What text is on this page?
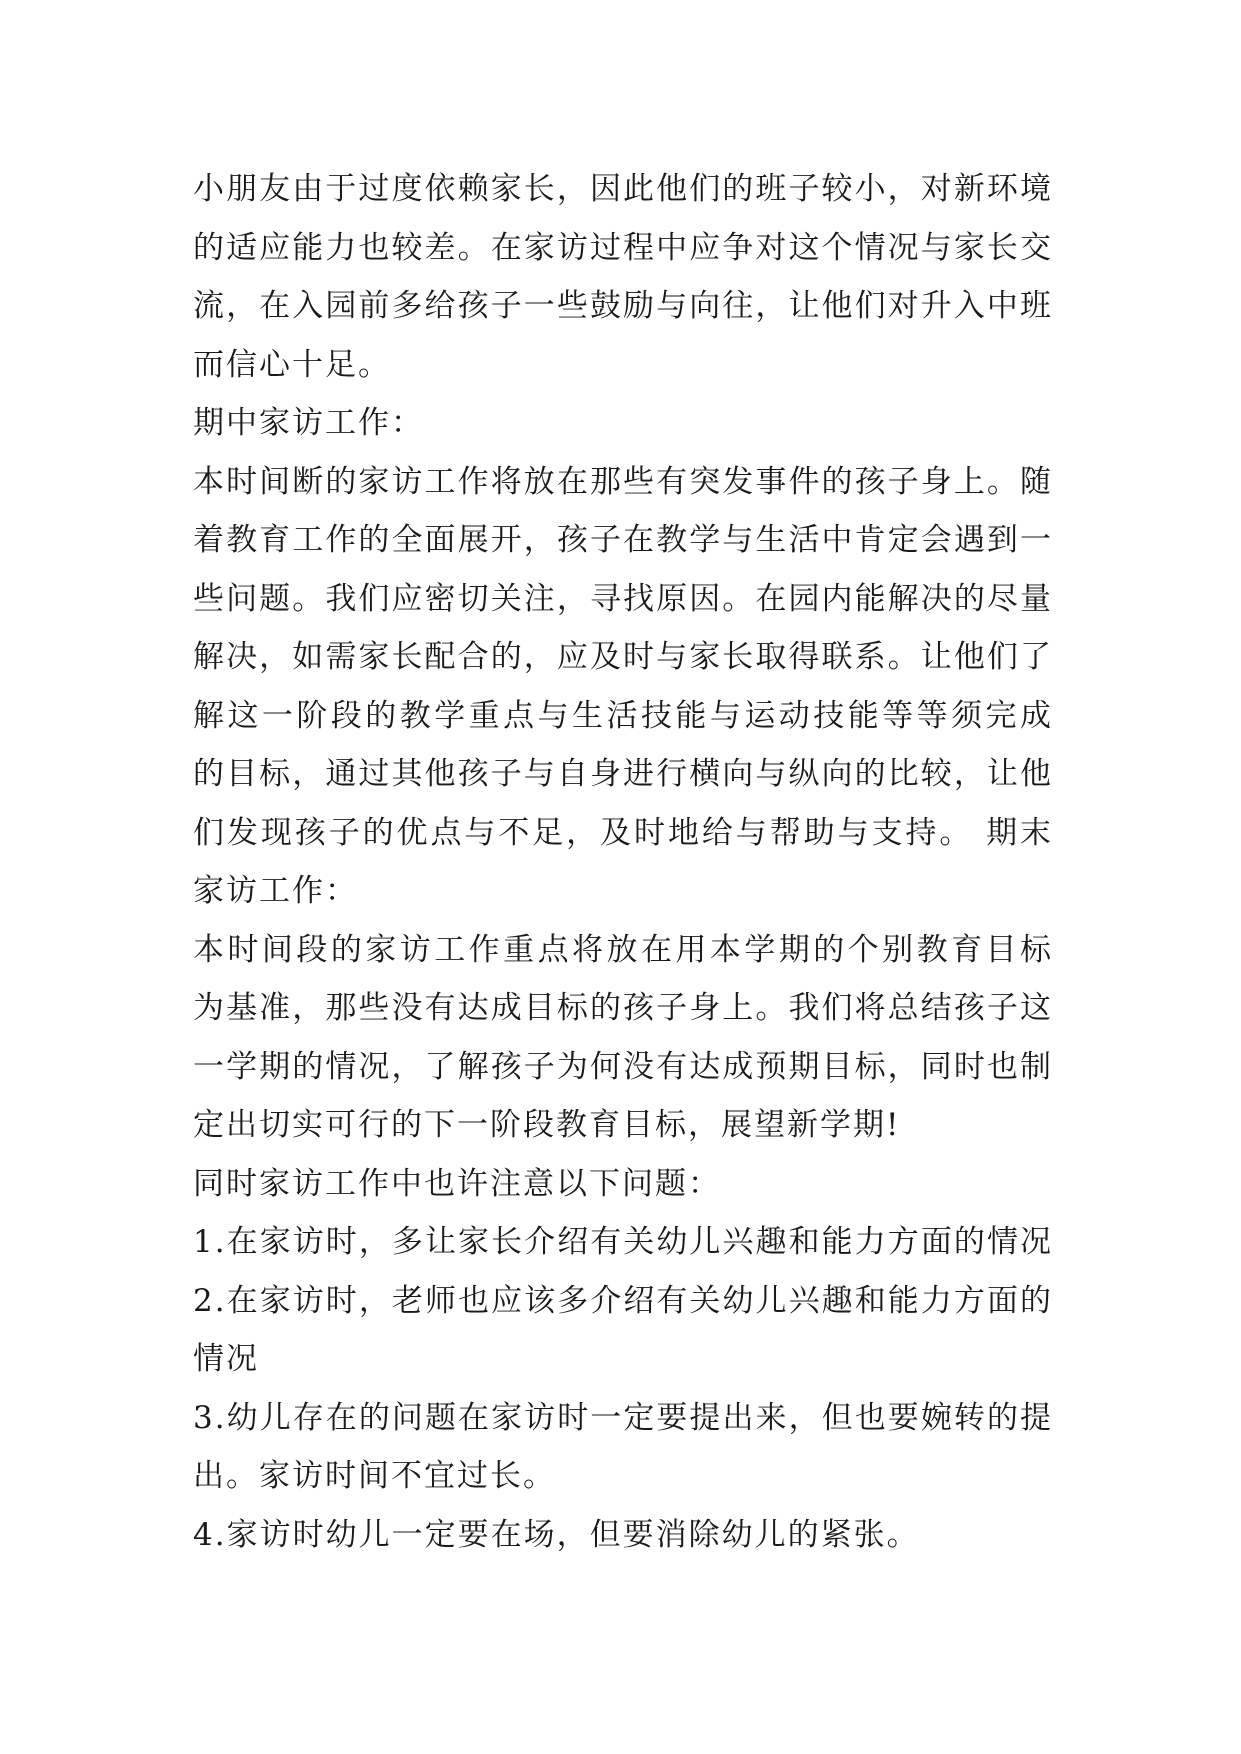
小朋友由于过度依赖家长，因此他们的班子较小，对新环境
的适应能力也较差。在家访过程中应争对这个情况与家长交
流，在入园前多给孩子一些鼓励与向往，让他们对升入中班
而信心十足。
期中家访工作：
本时间断的家访工作将放在那些有突发事件的孩子身上。随
着教育工作的全面展开，孩子在教学与生活中肯定会遇到一
些问题。我们应密切关注，寻找原因。在园内能解决的尽量
解决，如需家长配合的，应及时与家长取得联系。让他们了
解这一阶段的教学重点与生活技能与运动技能等等须完成
的目标，通过其他孩子与自身进行横向与纵向的比较，让他
们发现孩子的优点与不足，及时地给与帮助与支持。 期末
家访工作：
本时间段的家访工作重点将放在用本学期的个别教育目标
为基准，那些没有达成目标的孩子身上。我们将总结孩子这
一学期的情况，了解孩子为何没有达成预期目标，同时也制
定出切实可行的下一阶段教育目标，展望新学期!
同时家访工作中也许注意以下问题：
1.在家访时，多让家长介绍有关幼儿兴趣和能力方面的情况
2.在家访时，老师也应该多介绍有关幼儿兴趣和能力方面的
情况
3.幼儿存在的问题在家访时一定要提出来，但也要婉转的提
出。家访时间不宜过长。
4.家访时幼儿一定要在场，但要消除幼儿的紧张。
